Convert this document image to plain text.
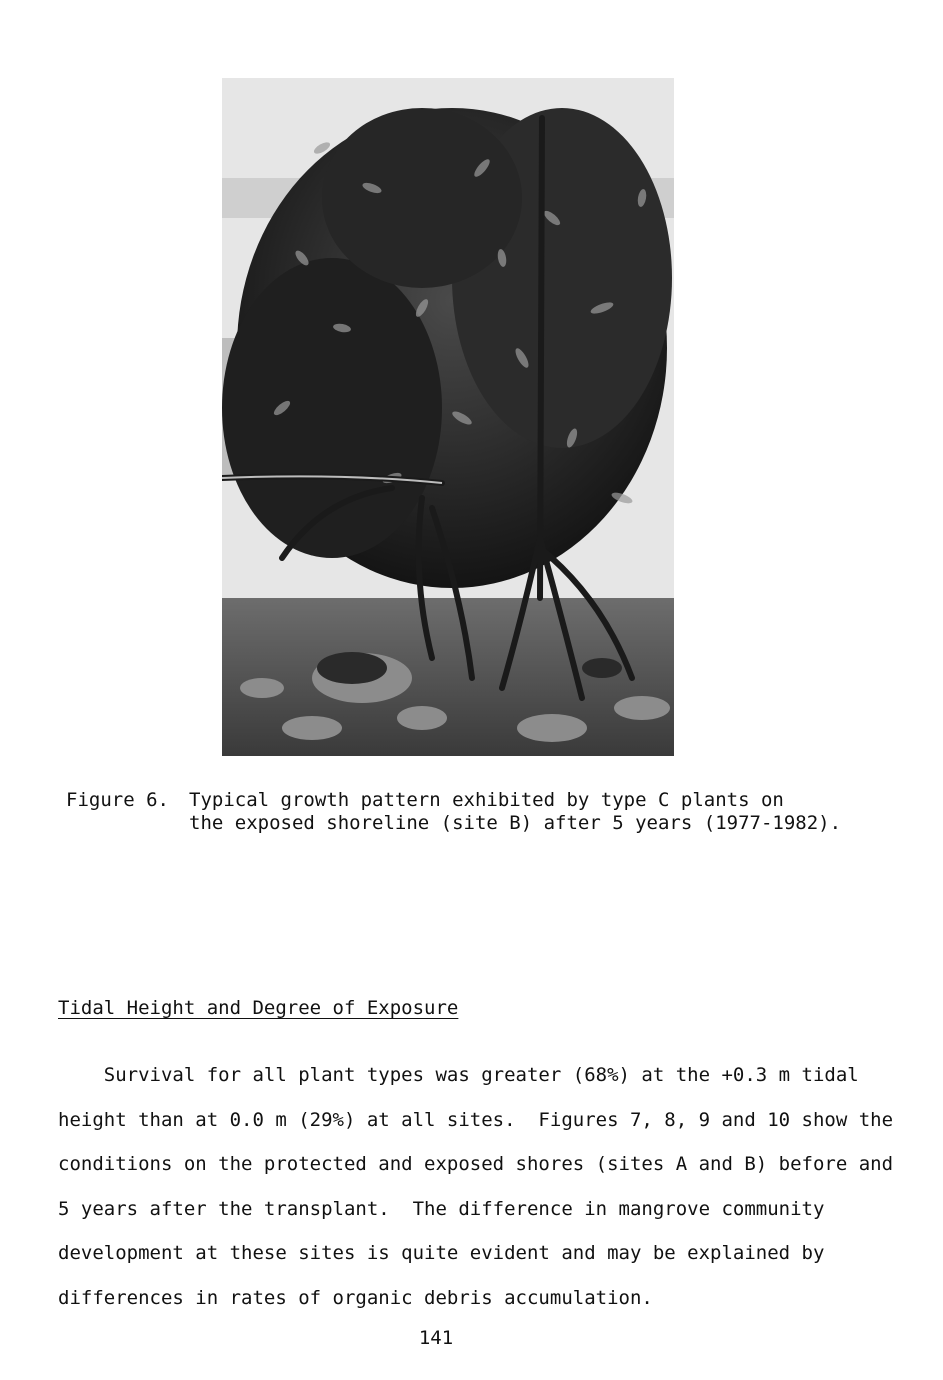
Figure 6. Typical growth pattern exhibited by type C plants on
the exposed shoreline (site B) after 5 years (1977-1982).
Tidal Height and Degree of Exposure
Survival for all plant types was greater (68%) at the +0.3 m tidal
height than at 0.0 m (29%) at all sites.  Figures 7, 8, 9 and 10 show the
conditions on the protected and exposed shores (sites A and B) before and
5 years after the transplant.  The difference in mangrove community
development at these sites is quite evident and may be explained by
differences in rates of organic debris accumulation.
141
